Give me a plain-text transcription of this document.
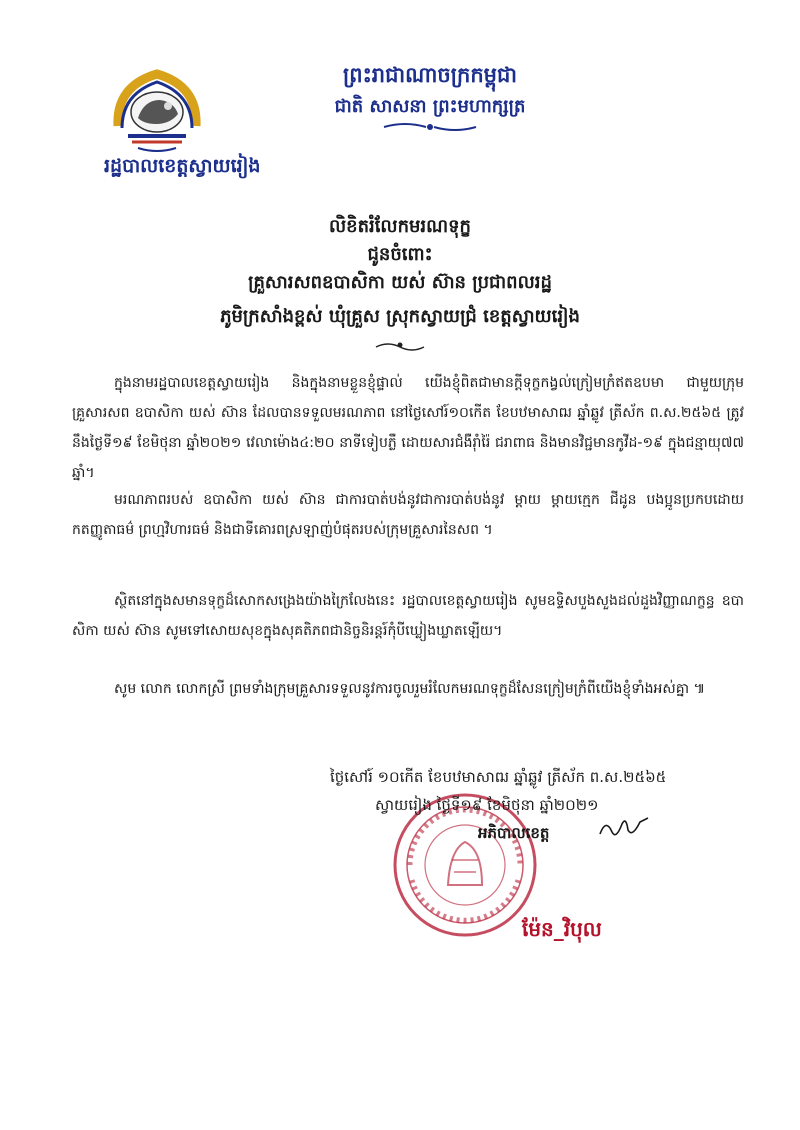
រដ្ឋបាលខេត្តស្វាយរៀង
ព្រះរាជាណាចក្រកម្ពុជា
ជាតិ សាសនា ព្រះមហាក្សត្រ
លិខិតរំលែកមរណទុក្ខ
ជូនចំពោះ
គ្រួសារសពឧបាសិកា យស់ ស៊ាន ប្រជាពលរដ្ឋ
ភូមិក្រសាំងខ្ពស់ ឃុំគ្រួស ស្រុកស្វាយជ្រំ ខេត្តស្វាយរៀង
ក្នុងនាមរដ្ឋបាលខេត្តស្វាយរៀង និងក្នុងនាមខ្លួនខ្ញុំផ្ទាល់ យើងខ្ញុំពិតជាមានក្តីទុក្ខកង្វល់ក្រៀមក្រំឥតឧបមា ជាមួយក្រុមគ្រួសារសព ឧបាសិកា យស់ ស៊ាន ដែលបានទទួលមរណភាព នៅថ្ងៃសៅរ៍១០កើត ខែបឋមាសាឍ ឆ្នាំឆ្លូវ ត្រីស័ក ព.ស.២៥៦៥ ត្រូវនឹងថ្ងៃទី១៩ ខែមិថុនា ឆ្នាំ២០២១ វេលាម៉ោង៤:២០ នាទីទៀបភ្លឺ ដោយសារជំងឺរ៉ាំរ៉ៃ ជរាពាធ និងមានវិជ្ជមានកូវីដ-១៩ ក្នុងជន្មាយុ៧៧ ឆ្នាំ។
មរណភាពរបស់ ឧបាសិកា យស់ ស៊ាន ជាការបាត់បង់នូវជាការបាត់បង់នូវ ម្តាយ ម្តាយក្មេក ជីដូន បងប្អូនប្រកបដោយកតញ្ញូតាធម៌ ព្រហ្មវិហារធម៌ និងជាទីគោរពស្រឡាញ់បំផុតរបស់ក្រុមគ្រួសារនៃសព ។
ស្ថិតនៅក្នុងសមានទុក្ខដ៏សោកសង្រេងយ៉ាងក្រៃលែងនេះ រដ្ឋបាលខេត្តស្វាយរៀង សូមឧទ្ទិសបួងសួងដល់ដួងវិញ្ញាណក្ខន្ធ ឧបាសិកា យស់ ស៊ាន សូមទៅសោយសុខក្នុងសុគតិភពជានិច្ចនិរន្តរ៍កុំបីឃ្លៀងឃ្លាតឡើយ។
សូម លោក លោកស្រី ព្រមទាំងក្រុមគ្រួសារទទួលនូវការចូលរួមរំលែកមរណទុក្ខដ៏សែនក្រៀមក្រំពីយើងខ្ញុំទាំងអស់គ្នា ៕
ថ្ងៃសៅរ៍ ១០កើត ខែបឋមាសាឍ ឆ្នាំឆ្លូវ ត្រីស័ក ព.ស.២៥៦៥
ស្វាយរៀង ថ្ងៃទី១៩ ខែមិថុនា ឆ្នាំ២០២១
អភិបាលខេត្ត
ម៉ែន_វិបុល
